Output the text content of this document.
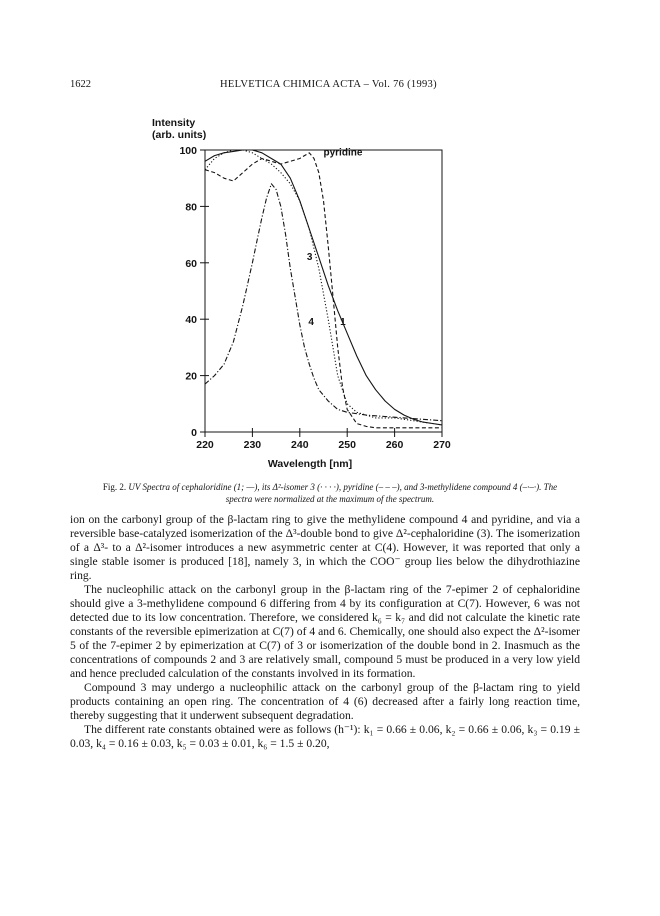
1622	HELVETICA CHIMICA ACTA – Vol. 76 (1993)
Intensity
(arb. units)
220	230	240	250	260	270
0
20
40
60
80
100	pyridine
3
4	1
Wavelength [nm]
Fig. 2. UV Spectra of cephaloridine (1; —), its Δ²-isomer 3 (· · · ·), pyridine (– – –), and 3-methylidene compound 4 (–·–·). The spectra were normalized at the maximum of the spectrum.

ion on the carbonyl group of the β-lactam ring to give the methylidene compound 4 and pyridine, and via a reversible base-catalyzed isomerization of the Δ³-double bond to give Δ²-cephaloridine (3). The isomerization of a Δ³- to a Δ²-isomer introduces a new asymmetric center at C(4). However, it was reported that only a single stable isomer is produced [18], namely 3, in which the COO⁻ group lies below the dihydrothiazine ring.

The nucleophilic attack on the carbonyl group in the β-lactam ring of the 7-epimer 2 of cephaloridine should give a 3-methylidene compound 6 differing from 4 by its configuration at C(7). However, 6 was not detected due to its low concentration. Therefore, we considered k₆ = k₇ and did not calculate the kinetic rate constants of the reversible epimerization at C(7) of 4 and 6. Chemically, one should also expect the Δ²-isomer 5 of the 7-epimer 2 by epimerization at C(7) of 3 or isomerization of the double bond in 2. Inasmuch as the concentrations of compounds 2 and 3 are relatively small, compound 5 must be produced in a very low yield and hence precluded calculation of the constants involved in its formation.

Compound 3 may undergo a nucleophilic attack on the carbonyl group of the β-lactam ring to yield products containing an open ring. The concentration of 4 (6) decreased after a fairly long reaction time, thereby suggesting that it underwent subsequent degradation.

The different rate constants obtained were as follows (h⁻¹): k₁ = 0.66 ± 0.06, k₂ = 0.66 ± 0.06, k₃ = 0.19 ± 0.03, k₄ = 0.16 ± 0.03, k₅ = 0.03 ± 0.01, k₆ = 1.5 ± 0.20,
